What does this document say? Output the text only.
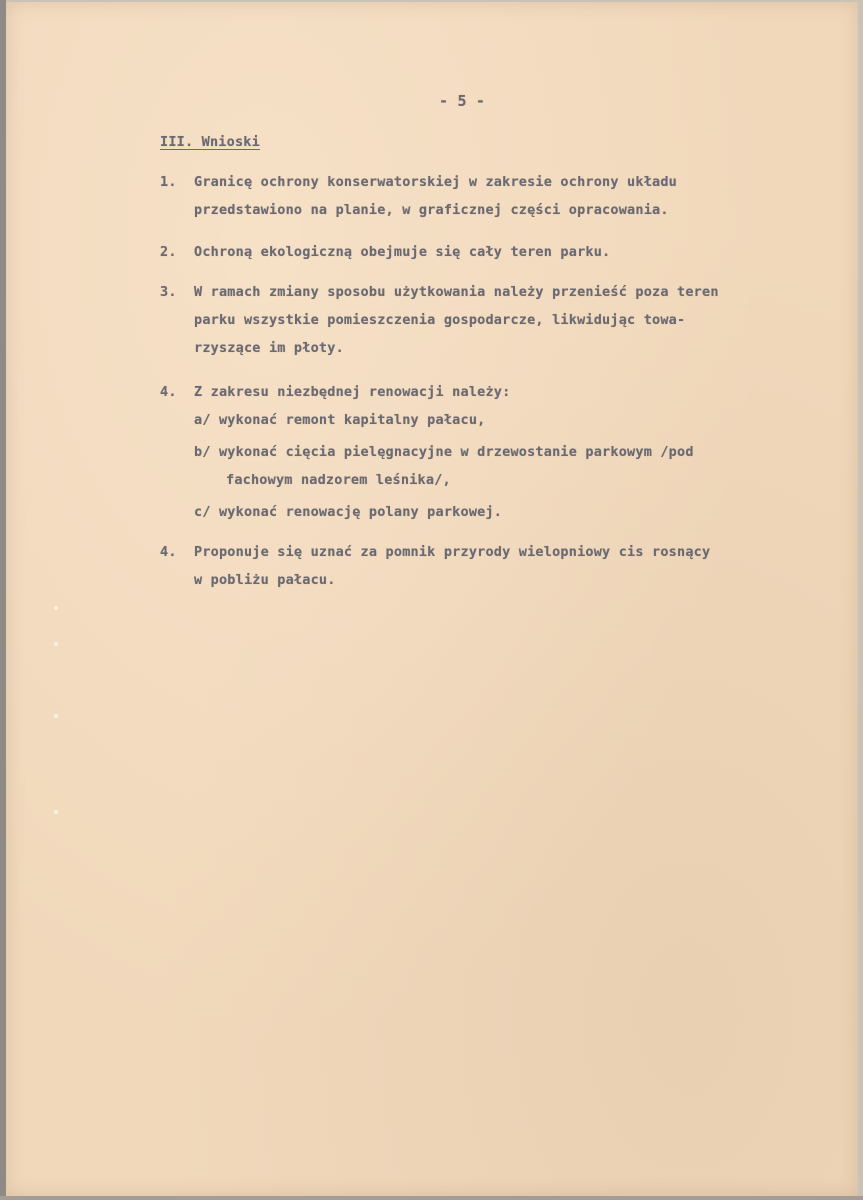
- 5 -
III. Wnioski
1. Granicę ochrony konserwatorskiej w zakresie ochrony układu
przedstawiono na planie, w graficznej części opracowania.
2. Ochroną ekologiczną obejmuje się cały teren parku.
3. W ramach zmiany sposobu użytkowania należy przenieść poza teren
parku wszystkie pomieszczenia gospodarcze, likwidując towa-
rzyszące im płoty.
4. Z zakresu niezbędnej renowacji należy:
a/ wykonać remont kapitalny pałacu,
b/ wykonać cięcia pielęgnacyjne w drzewostanie parkowym /pod
fachowym nadzorem leśnika/,
c/ wykonać renowację polany parkowej.
4. Proponuje się uznać za pomnik przyrody wielopniowy cis rosnący
w pobliżu pałacu.
